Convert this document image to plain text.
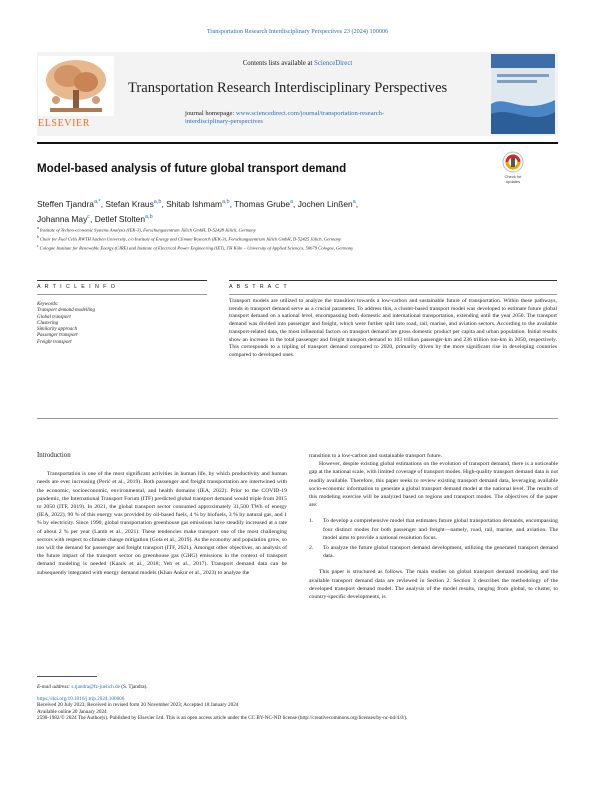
Transportation Research Interdisciplinary Perspectives 23 (2024) 100006
Contents lists available at ScienceDirect
ELSEVIER
Transportation Research Interdisciplinary Perspectives
journal homepage: www.sciencedirect.com/journal/transportation-research-interdisciplinary-perspectives
Model-based analysis of future global transport demand
Check for
updates
Steffen Tjandra$^{a,*}$, Stefan Kraus$^{a,b}$, Shitab Ishmam$^{a,b}$, Thomas Grube$^a$, Jochen Linßen$^a$,
Johanna May$^c$, Detlef Stolten$^{a,b}$
$^a$ Institute of Techno-economic Systems Analysis (IEK-3), Forschungszentrum Jülich GmbH, D-52428 Jülich, Germany
$^b$ Chair for Fuel Cells RWTH Aachen University, c/o Institute of Energy and Climate Research (IEK-3), Forschungszentrum Jülich GmbH, D-52425 Jülich, Germany
$^c$ Cologne Institute for Renewable Energy (CIRE) and Institute of Electrical Power Engineering (IET), TH Köln – University of Applied Sciences, 50679 Cologne, Germany
A R T I C L E I N F O	A B S T R A C T
Keywords:
Transport demand modelling
Global transport
Clustering
Similarity approach
Passenger transport
Freight transport
Transport models are utilized to analyze the transition towards a low-carbon and sustainable future of transportation. Within these pathways, trends in transport demand serve as a crucial parameter. To address this, a cluster-based transport model was developed to estimate future global transport demand on a national level, encompassing both domestic and international transportation, extending until the year 2050. The transport demand was divided into passenger and freight, which were further split into road, rail, marine, and aviation sectors. According to the available transport-related data, the most influential factors on transport demand are gross domestic product per capita and urban population. Initial results show an increase in the total passenger and freight transport demand to 103 trillion passenger-km and 236 trillion ton-km in 2050, respectively. This corresponds to a tripling of transport demand compared to 2020, primarily driven by the more significant rise in developing countries compared to developed ones.
Introduction

Transportation is one of the most significant activities in human life, by which productivity and human needs are ever increasing (Perić et al., 2019). Both passenger and freight transportation are intertwined with the economic, socioeconomic, environmental, and health domains (IEA, 2022). Prior to the COVID-19 pandemic, the International Transport Forum (ITF) predicted global transport demand would triple from 2015 to 2050 (ITF, 2019). In 2021, the global transport sector consumed approximately 31,500 TWh of energy (IEA, 2022), 90 % of this energy was provided by oil-based fuels, 4 % by biofuels, 3 % by natural gas, and 1 % by electricity. Since 1990, global transportation greenhouse gas emissions have steadily increased at a rate of about 2 % per year (Lamb et al., 2021). These tendencies make transport one of the most challenging sectors with respect to climate change mitigation (Gota et al., 2019). As the economy and population grow, so too will the demand for passenger and freight transport (ITF, 2021). Amongst other objectives, an analysis of the future impact of the transport sector on greenhouse gas (GHG) emissions in the context of transport demand modeling is needed (Kaack et al., 2018; Yeh et al., 2017). Transport demand data can be subsequently integrated with energy demand models (Khan Ankur et al., 2023) to analyze the

transition to a low-carbon and sustainable transport future.

However, despite existing global estimations on the evolution of transport demand, there is a noticeable gap at the national scale, with limited coverage of transport modes. High-quality transport demand data is not readily available. Therefore, this paper seeks to review existing transport demand data, leveraging available socio-economic information to generate a global transport demand model at the national level. The results of this modeling exercise will be analyzed based on regions and transport modes. The objectives of the paper are:

1. To develop a comprehensive model that estimates future global transportation demands, encompassing four distinct modes for both passenger and freight—namely, road, rail, marine, and aviation. The model aims to provide a national resolution focus.
2. To analyze the future global transport demand development, utilizing the generated transport demand data.

This paper is structured as follows. The main studies on global transport demand modeling and the available transport demand data are reviewed in Section 2. Section 3 describes the methodology of the developed transport demand model. The analysis of the model results, ranging from global, to cluster, to country-specific developments, is

E-mail address: s.tjandra@fz-juelich.de (S. Tjandra).
https://doi.org/10.1016/j.trip.2024.100006
Received 20 July 2023; Received in revised form 20 November 2023; Accepted 18 January 2024
Available online 20 January 2024
2590-1982/© 2024 The Author(s). Published by Elsevier Ltd. This is an open access article under the CC BY-NC-ND license (http://creativecommons.org/licenses/by-nc-nd/4.0/).
